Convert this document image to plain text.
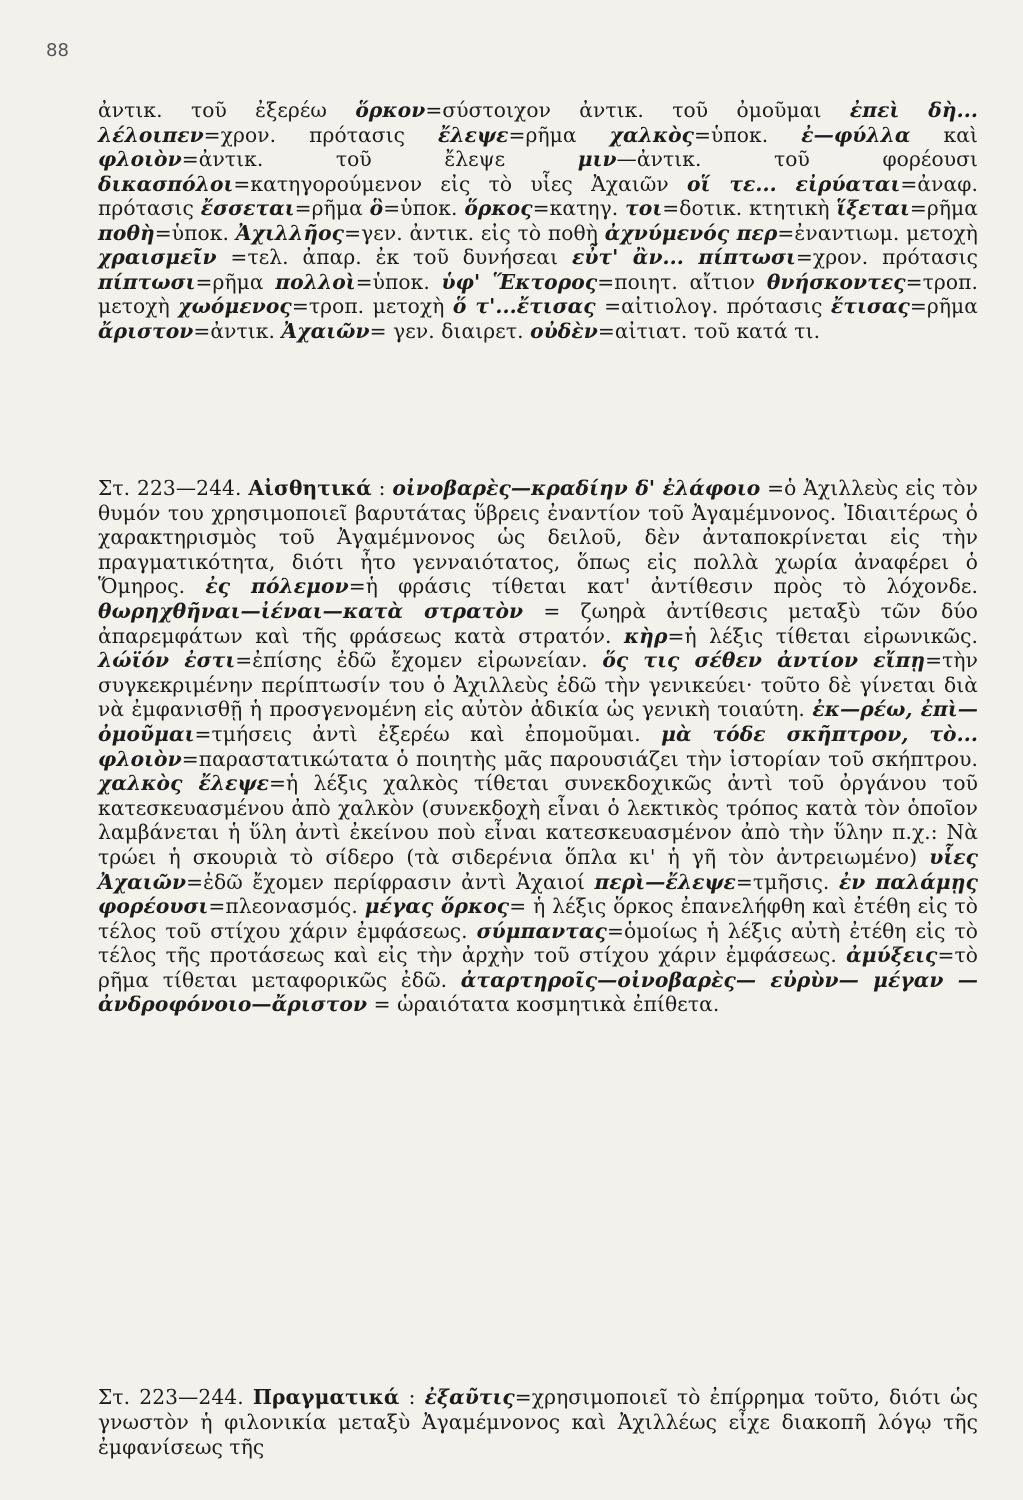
88
ἀντικ. τοῦ ἐξερέω ὅρκον=σύστοιχον ἀντικ. τοῦ ὀμοῦμαι ἐπεὶ δὴ... λέλοιπεν=χρον. πρότασις ἔλεψε=ρῆμα χαλκὸς=ὑποκ. ἐ—φύλλα καὶ φλοιὸν=ἀντικ. τοῦ ἔλεψε μιν—ἀντικ. τοῦ φορέουσι δικασπόλοι=κατηγορούμενον εἰς τὸ υἷες Ἀχαιῶν οἵ τε... εἰρύαται=ἀναφ. πρότασις ἔσσεται=ρῆμα ὃ=ὑποκ. ὅρκος=κατηγ. τοι=δοτικ. κτητικὴ ἵξεται=ρῆμα ποθὴ=ὑποκ. Ἀχιλλῆος=γεν. ἀντικ. εἰς τὸ ποθὴ ἀχνύμενός περ=ἐναντιωμ. μετοχὴ χραισμεῖν =τελ. ἀπαρ. ἐκ τοῦ δυνήσεαι εὖτ' ἂν... πίπτωσι=χρον. πρότασις πίπτωσι=ρῆμα πολλοὶ=ὑποκ. ὑφ' Ἕκτορος=ποιητ. αἴτιον θνήσκοντες=τροπ. μετοχὴ χωόμενος=τροπ. μετοχὴ ὅ τ'...ἔτισας =αἰτιολογ. πρότασις ἔτισας=ρῆμα ἄριστον=ἀντικ. Ἀχαιῶν= γεν. διαιρετ. οὐδὲν=αἰτιατ. τοῦ κατά τι.
Στ. 223—244. Αἰσθητικά : οἰνοβαρὲς—κραδίην δ' ἐλάφοιο =ὁ Ἀχιλλεὺς εἰς τὸν θυμόν του χρησιμοποιεῖ βαρυτάτας ὕβρεις ἐναντίον τοῦ Ἀγαμέμνονος. Ἰδιαιτέρως ὁ χαρακτηρισμὸς τοῦ Ἀγαμέμνονος ὡς δειλοῦ, δὲν ἀνταποκρίνεται εἰς τὴν πραγματικότητα, διότι ἦτο γενναιότατος, ὅπως εἰς πολλὰ χωρία ἀναφέρει ὁ Ὅμηρος. ἐς πόλεμον=ἡ φράσις τίθεται κατ' ἀντίθεσιν πρὸς τὸ λόχονδε. θωρηχθῆναι—ἰέναι—κατὰ στρατὸν = ζωηρὰ ἀντίθεσις μεταξὺ τῶν δύο ἀπαρεμφάτων καὶ τῆς φράσεως κατὰ στρατόν. κὴρ=ἡ λέξις τίθεται εἰρωνικῶς. λώϊόν ἐστι=ἐπίσης ἐδῶ ἔχομεν εἰρωνείαν. ὅς τις σέθεν ἀντίον εἴπῃ=τὴν συγκεκριμένην περίπτωσίν του ὁ Ἀχιλλεὺς ἐδῶ τὴν γενικεύει· τοῦτο δὲ γίνεται διὰ νὰ ἐμφανισθῇ ἡ προσγενομένη εἰς αὐτὸν ἀδικία ὡς γενικὴ τοιαύτη. ἐκ—ρέω, ἐπὶ—ὀμοῦμαι=τμήσεις ἀντὶ ἐξερέω καὶ ἐπομοῦμαι. μὰ τόδε σκῆπτρον, τὸ... φλοιὸν=παραστατικώτατα ὁ ποιητὴς μᾶς παρουσιάζει τὴν ἱστορίαν τοῦ σκήπτρου. χαλκὸς ἔλεψε=ἡ λέξις χαλκὸς τίθεται συνεκδοχικῶς ἀντὶ τοῦ ὀργάνου τοῦ κατεσκευασμένου ἀπὸ χαλκὸν (συνεκδοχὴ εἶναι ὁ λεκτικὸς τρόπος κατὰ τὸν ὁποῖον λαμβάνεται ἡ ὕλη ἀντὶ ἐκείνου ποὺ εἶναι κατεσκευασμένον ἀπὸ τὴν ὕλην π.χ.: Νὰ τρώει ἡ σκουριὰ τὸ σίδερο (τὰ σιδερένια ὅπλα κι' ἡ γῆ τὸν ἀντρειωμένο) υἷες Ἀχαιῶν=ἐδῶ ἔχομεν περίφρασιν ἀντὶ Ἀχαιοί περὶ—ἔλεψε=τμῆσις. ἐν παλάμῃς φορέουσι=πλεονασμός. μέγας ὅρκος= ἡ λέξις ὅρκος ἐπανελήφθη καὶ ἐτέθη εἰς τὸ τέλος τοῦ στίχου χάριν ἐμφάσεως. σύμπαντας=ὁμοίως ἡ λέξις αὐτὴ ἐτέθη εἰς τὸ τέλος τῆς προτάσεως καὶ εἰς τὴν ἀρχὴν τοῦ στίχου χάριν ἐμφάσεως. ἀμύξεις=τὸ ρῆμα τίθεται μεταφορικῶς ἐδῶ. ἀταρτηροῖς—οἰνοβαρὲς— εὐρὺν— μέγαν — ἀνδροφόνοιο—ἄριστον = ὡραιότατα κοσμητικὰ ἐπίθετα.
Στ. 223—244. Πραγματικά : ἐξαῦτις=χρησιμοποιεῖ τὸ ἐπίρρημα τοῦτο, διότι ὡς γνωστὸν ἡ φιλονικία μεταξὺ Ἀγαμέμνονος καὶ Ἀχιλλέως εἶχε διακοπῆ λόγῳ τῆς ἐμφανίσεως τῆς
